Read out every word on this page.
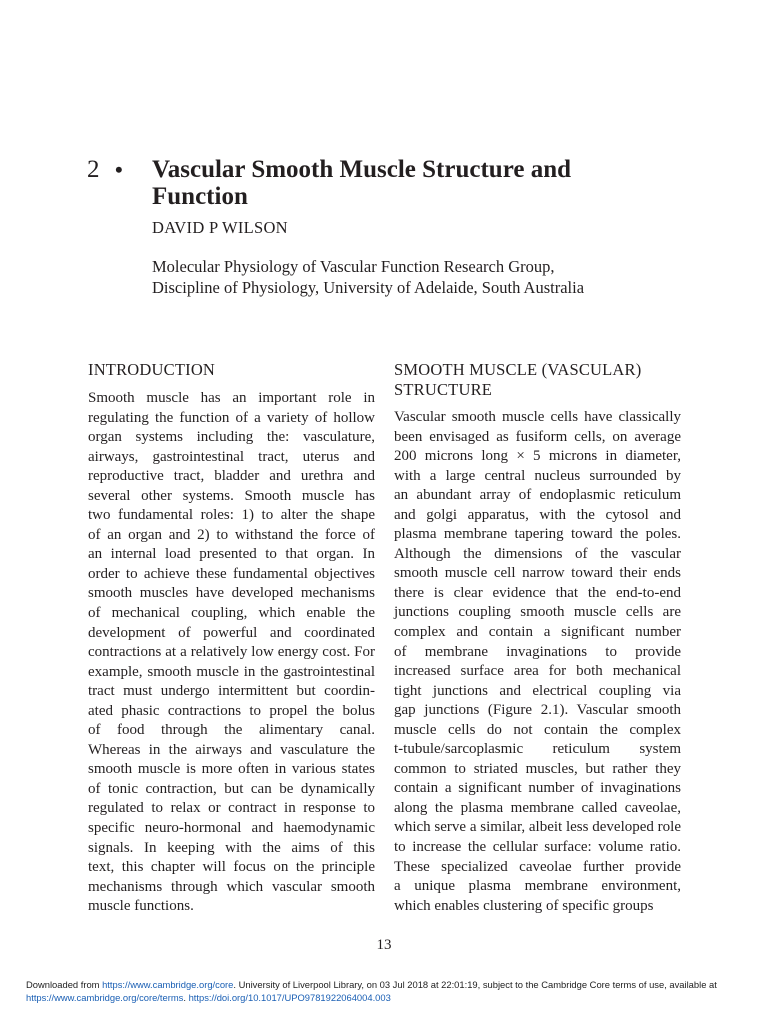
2 • Vascular Smooth Muscle Structure and
Function
DAVID P WILSON
Molecular Physiology of Vascular Function Research Group,
Discipline of Physiology, University of Adelaide, South Australia
INTRODUCTION
Smooth muscle has an important role in
regulating the function of a variety of hollow
organ systems including the: vasculature,
airways, gastrointestinal tract, uterus and
reproductive tract, bladder and urethra and
several other systems. Smooth muscle has
two fundamental roles: 1) to alter the shape
of an organ and 2) to withstand the force of
an internal load presented to that organ. In
order to achieve these fundamental objectives
smooth muscles have developed mechanisms
of mechanical coupling, which enable the
development of powerful and coordinated
contractions at a relatively low energy cost. For
example, smooth muscle in the gastrointestinal
tract must undergo intermittent but coordin-
ated phasic contractions to propel the bolus
of food through the alimentary canal.
Whereas in the airways and vasculature the
smooth muscle is more often in various states
of tonic contraction, but can be dynamically
regulated to relax or contract in response to
specific neuro-hormonal and haemodynamic
signals. In keeping with the aims of this
text, this chapter will focus on the principle
mechanisms through which vascular smooth
muscle functions.
SMOOTH MUSCLE (VASCULAR)
STRUCTURE
Vascular smooth muscle cells have classically
been envisaged as fusiform cells, on average
200 microns long × 5 microns in diameter,
with a large central nucleus surrounded by
an abundant array of endoplasmic reticulum
and golgi apparatus, with the cytosol and
plasma membrane tapering toward the poles.
Although the dimensions of the vascular
smooth muscle cell narrow toward their ends
there is clear evidence that the end-to-end
junctions coupling smooth muscle cells are
complex and contain a significant number
of membrane invaginations to provide
increased surface area for both mechanical
tight junctions and electrical coupling via
gap junctions (Figure 2.1). Vascular smooth
muscle cells do not contain the complex
t-tubule/sarcoplasmic reticulum system
common to striated muscles, but rather they
contain a significant number of invaginations
along the plasma membrane called caveolae,
which serve a similar, albeit less developed role
to increase the cellular surface: volume ratio.
These specialized caveolae further provide
a unique plasma membrane environment,
which enables clustering of specific groups
13
Downloaded from https://www.cambridge.org/core. University of Liverpool Library, on 03 Jul 2018 at 22:01:19, subject to the Cambridge Core terms of use, available at
https://www.cambridge.org/core/terms. https://doi.org/10.1017/UPO9781922064004.003
